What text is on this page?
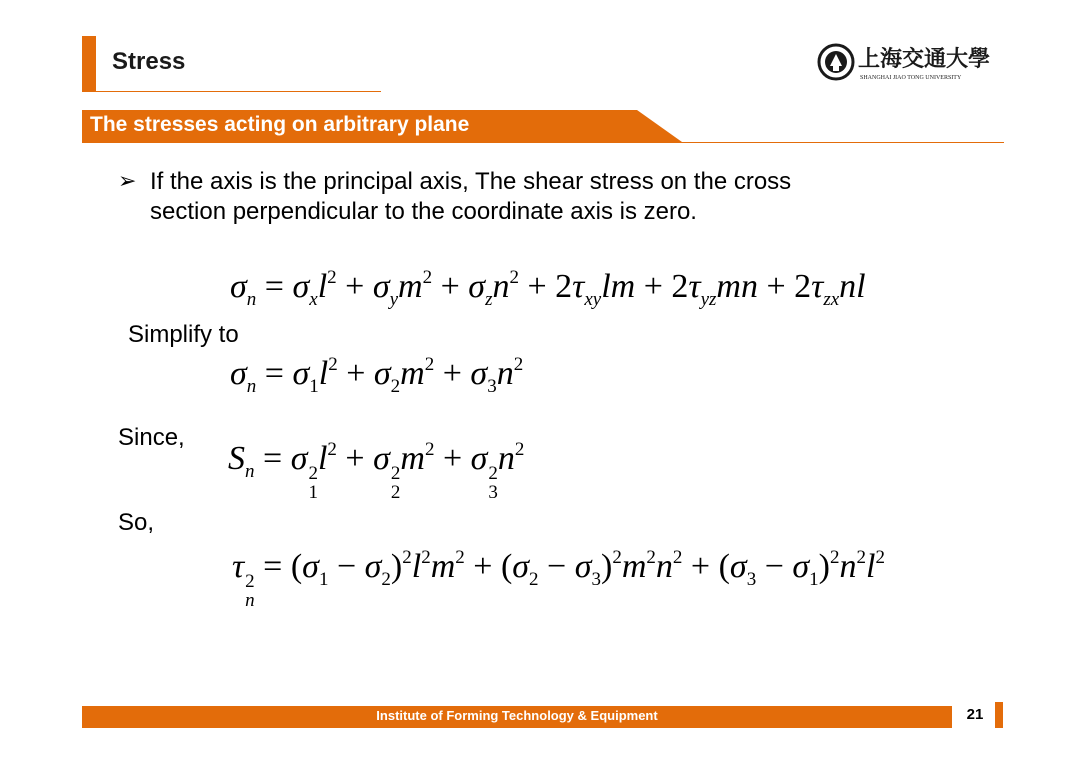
Stress	上海交通大學
SHANGHAI JIAO TONG UNIVERSITY
The stresses acting on arbitrary plane
➢ If the axis is the principal axis, The shear stress on the cross
section perpendicular to the coordinate axis is zero.
$\sigma_n = \sigma_xl^2 + \sigma_ym^2 + \sigma_zn^2 + 2\tau_{xy}lm + 2\tau_{yz}mn + 2\tau_{zx}nl$
Simplify to
$\sigma_n = \sigma_1l^2 + \sigma_2m^2 + \sigma_3n^2$
Since,
$S_n = \sigma$ 2
1
$l^2 + \sigma$ 2
2
$m^2 + \sigma$ 2
3
$n^2$
So,
τ 2
n
= $(\sigma_1 - \sigma_2)^2l^2m^2 + (\sigma_2 - \sigma_3)^2m^2n^2 + (\sigma_3 - \sigma_1)^2n^2l^2$
Institute of Forming Technology & Equipment	21
